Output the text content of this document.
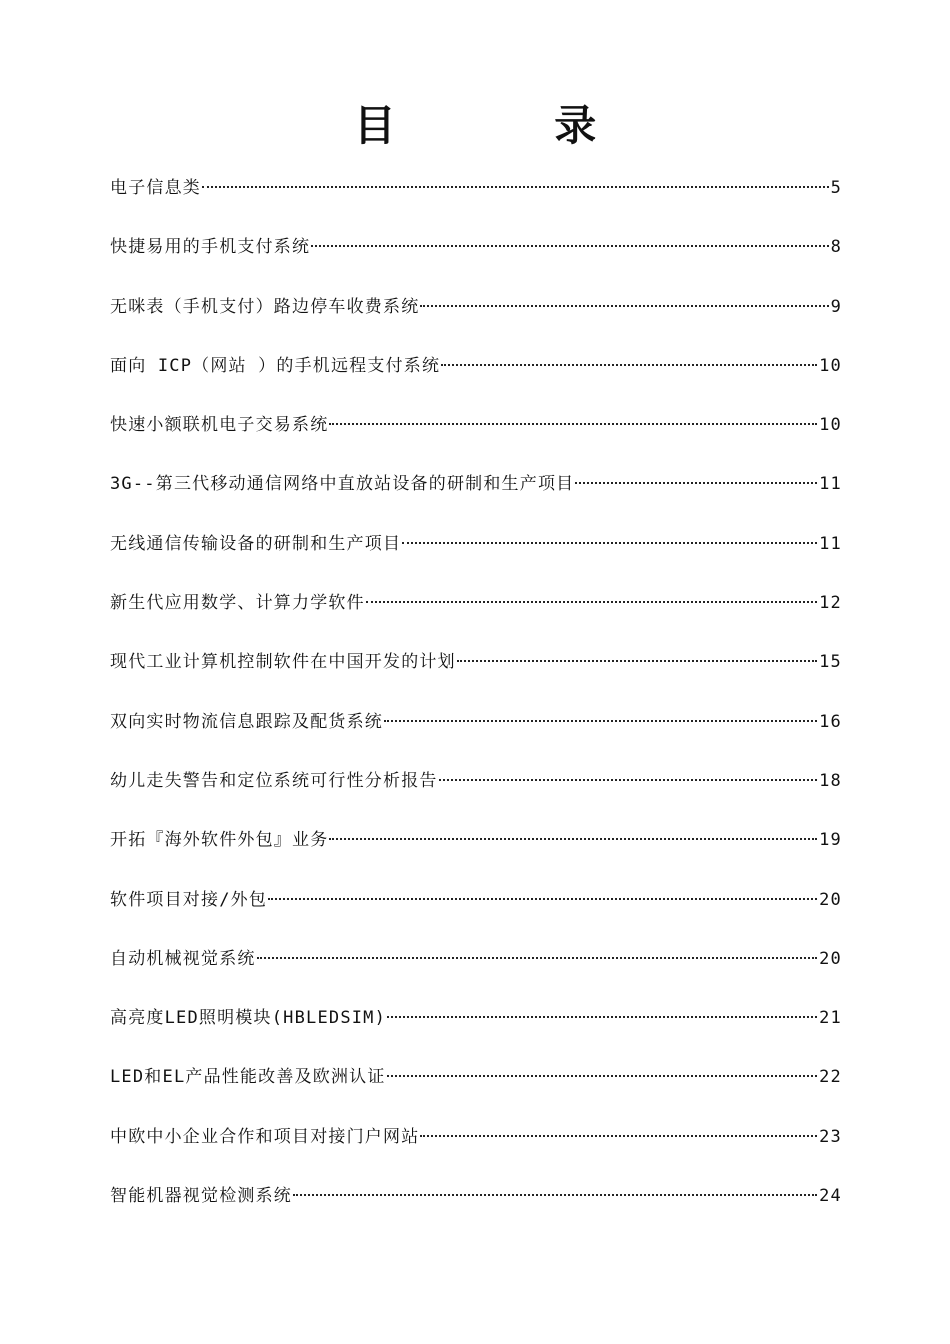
目 录
电子信息类	5
快捷易用的手机支付系统	8
无咪表（手机支付）路边停车收费系统	9
面向 ICP（网站 ）的手机远程支付系统	10
快速小额联机电子交易系统	10
3G--第三代移动通信网络中直放站设备的研制和生产项目	11
无线通信传输设备的研制和生产项目	11
新生代应用数学、计算力学软件	12
现代工业计算机控制软件在中国开发的计划	15
双向实时物流信息跟踪及配货系统	16
幼儿走失警告和定位系统可行性分析报告	18
开拓『海外软件外包』业务	19
软件项目对接/外包	20
自动机械视觉系统	20
高亮度LED照明模块(HBLEDSIM)	21
LED和EL产品性能改善及欧洲认证	22
中欧中小企业合作和项目对接门户网站	23
智能机器视觉检测系统	24
